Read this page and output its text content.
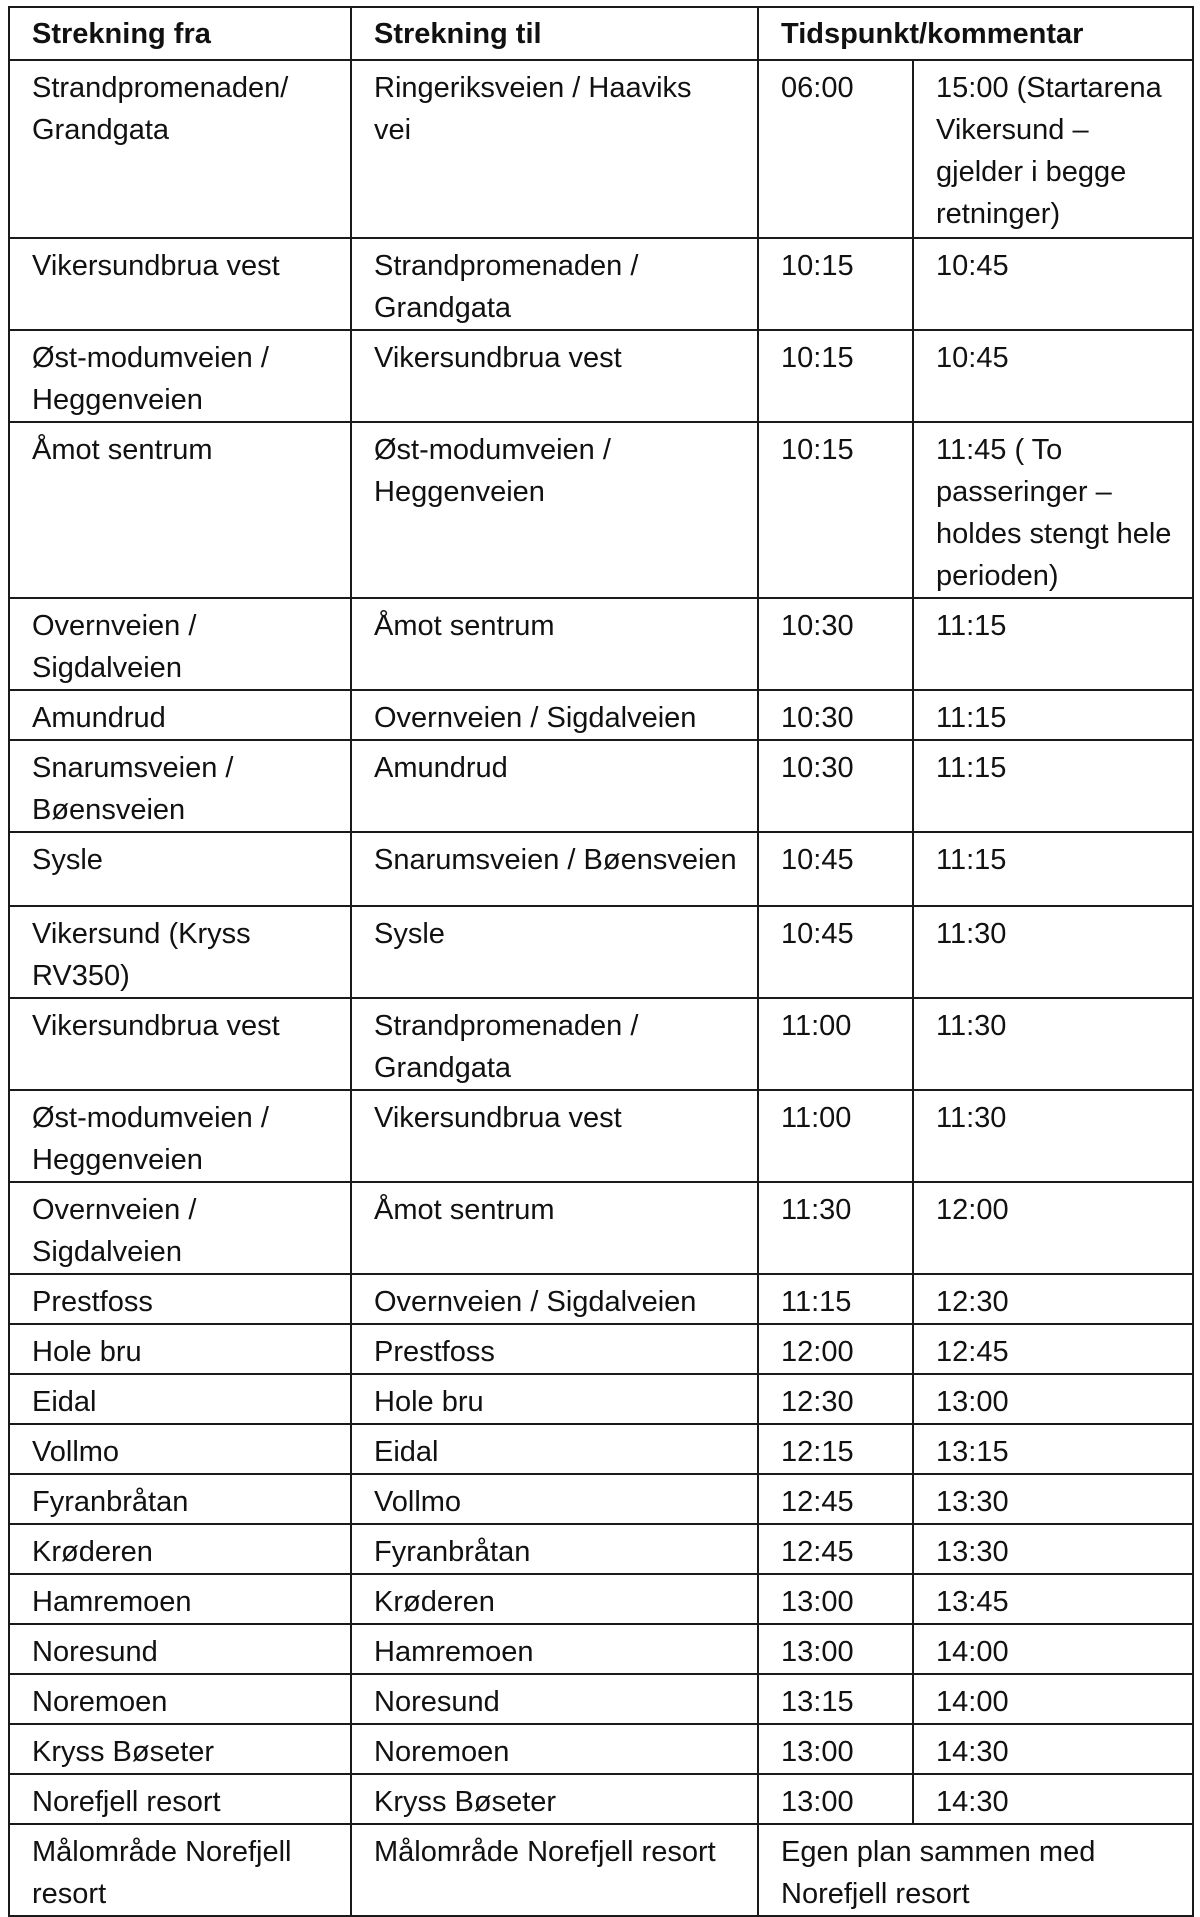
Strekning fra	Strekning til	Tidspunkt/kommentar	
Strandpromenaden/ Grandgata	Ringeriksveien / Haaviks vei	06:00	15:00 (Startarena Vikersund – gjelder i begge retninger)
Vikersundbrua vest	Strandpromenaden / Grandgata	10:15	10:45
Øst-modumveien / Heggenveien	Vikersundbrua vest	10:15	10:45
Åmot sentrum	Øst-modumveien / Heggenveien	10:15	11:45 ( To passeringer – holdes stengt hele perioden)
Overnveien / Sigdalveien	Åmot sentrum	10:30	11:15
Amundrud	Overnveien / Sigdalveien	10:30	11:15
Snarumsveien / Bøensveien	Amundrud	10:30	11:15
Sysle	Snarumsveien / Bøensveien	10:45	11:15
Vikersund (Kryss RV350)	Sysle	10:45	11:30
Vikersundbrua vest	Strandpromenaden / Grandgata	11:00	11:30
Øst-modumveien / Heggenveien	Vikersundbrua vest	11:00	11:30
Overnveien / Sigdalveien	Åmot sentrum	11:30	12:00
Prestfoss	Overnveien / Sigdalveien	11:15	12:30
Hole bru	Prestfoss	12:00	12:45
Eidal	Hole bru	12:30	13:00
Vollmo	Eidal	12:15	13:15
Fyranbråtan	Vollmo	12:45	13:30
Krøderen	Fyranbråtan	12:45	13:30
Hamremoen	Krøderen	13:00	13:45
Noresund	Hamremoen	13:00	14:00
Noremoen	Noresund	13:15	14:00
Kryss Bøseter	Noremoen	13:00	14:30
Norefjell resort	Kryss Bøseter	13:00	14:30
Målområde Norefjell resort	Målområde Norefjell resort	Egen plan sammen med Norefjell resort	
